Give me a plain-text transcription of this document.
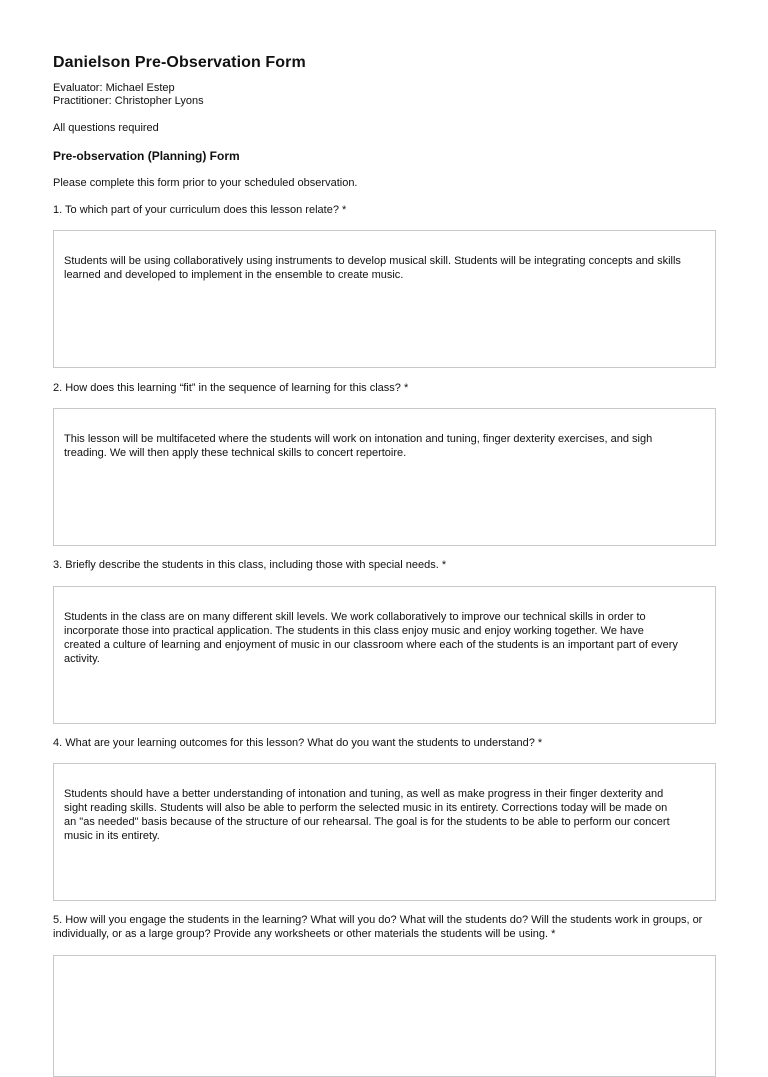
Danielson Pre-Observation Form
Evaluator: Michael Estep
Practitioner: Christopher Lyons
All questions required
Pre-observation (Planning) Form
Please complete this form prior to your scheduled observation.
1. To which part of your curriculum does this lesson relate? *
Students will be using collaboratively using instruments to develop musical skill. Students will be integrating concepts and skills
learned and developed to implement in the ensemble to create music.
2. How does this learning “fit” in the sequence of learning for this class? *
This lesson will be multifaceted where the students will work on intonation and tuning, finger dexterity exercises, and sigh
treading. We will then apply these technical skills to concert repertoire.
3. Briefly describe the students in this class, including those with special needs. *
Students in the class are on many different skill levels. We work collaboratively to improve our technical skills in order to
incorporate those into practical application. The students in this class enjoy music and enjoy working together. We have
created a culture of learning and enjoyment of music in our classroom where each of the students is an important part of every
activity.
4. What are your learning outcomes for this lesson? What do you want the students to understand? *
Students should have a better understanding of intonation and tuning, as well as make progress in their finger dexterity and
sight reading skills. Students will also be able to perform the selected music in its entirety. Corrections today will be made on
an "as needed" basis because of the structure of our rehearsal. The goal is for the students to be able to perform our concert
music in its entirety.
5. How will you engage the students in the learning? What will you do? What will the students do? Will the students work in groups, or individually, or as a large group? Provide any worksheets or other materials the students will be using. *
